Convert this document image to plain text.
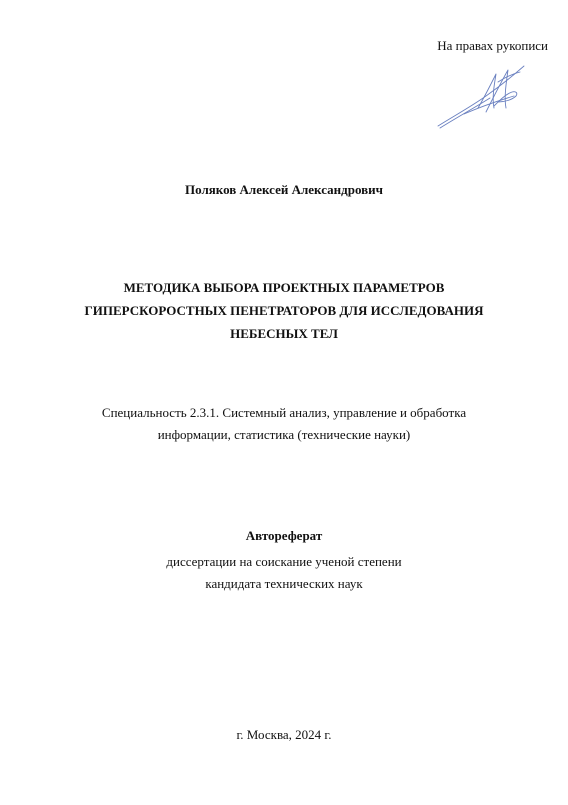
На правах рукописи
Поляков Алексей Александрович
МЕТОДИКА ВЫБОРА ПРОЕКТНЫХ ПАРАМЕТРОВ
ГИПЕРСКОРОСТНЫХ ПЕНЕТРАТОРОВ ДЛЯ ИССЛЕДОВАНИЯ
НЕБЕСНЫХ ТЕЛ
Специальность 2.3.1. Системный анализ, управление и обработка
информации, статистика (технические науки)
Автореферат
диссертации на соискание ученой степени
кандидата технических наук
г. Москва, 2024 г.
